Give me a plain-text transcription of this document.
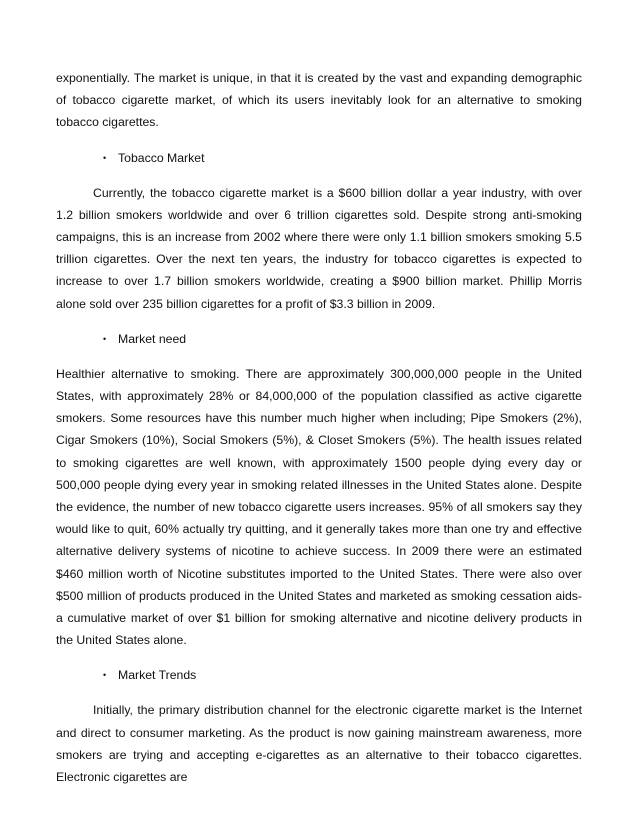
exponentially. The market is unique, in that it is created by the vast and expanding demographic of tobacco cigarette market, of which its users inevitably look for an alternative to smoking tobacco cigarettes.

• Tobacco Market

Currently, the tobacco cigarette market is a $600 billion dollar a year industry, with over 1.2 billion smokers worldwide and over 6 trillion cigarettes sold. Despite strong anti-smoking campaigns, this is an increase from 2002 where there were only 1.1 billion smokers smoking 5.5 trillion cigarettes. Over the next ten years, the industry for tobacco cigarettes is expected to increase to over 1.7 billion smokers worldwide, creating a $900 billion market. Phillip Morris alone sold over 235 billion cigarettes for a profit of $3.3 billion in 2009.

• Market need

Healthier alternative to smoking. There are approximately 300,000,000 people in the United States, with approximately 28% or 84,000,000 of the population classified as active cigarette smokers. Some resources have this number much higher when including; Pipe Smokers (2%), Cigar Smokers (10%), Social Smokers (5%), & Closet Smokers (5%). The health issues related to smoking cigarettes are well known, with approximately 1500 people dying every day or 500,000 people dying every year in smoking related illnesses in the United States alone. Despite the evidence, the number of new tobacco cigarette users increases. 95% of all smokers say they would like to quit, 60% actually try quitting, and it generally takes more than one try and effective alternative delivery systems of nicotine to achieve success. In 2009 there were an estimated $460 million worth of Nicotine substitutes imported to the United States. There were also over $500 million of products produced in the United States and marketed as smoking cessation aids- a cumulative market of over $1 billion for smoking alternative and nicotine delivery products in the United States alone.

• Market Trends

Initially, the primary distribution channel for the electronic cigarette market is the Internet and direct to consumer marketing. As the product is now gaining mainstream awareness, more smokers are trying and accepting e-cigarettes as an alternative to their tobacco cigarettes. Electronic cigarettes are
